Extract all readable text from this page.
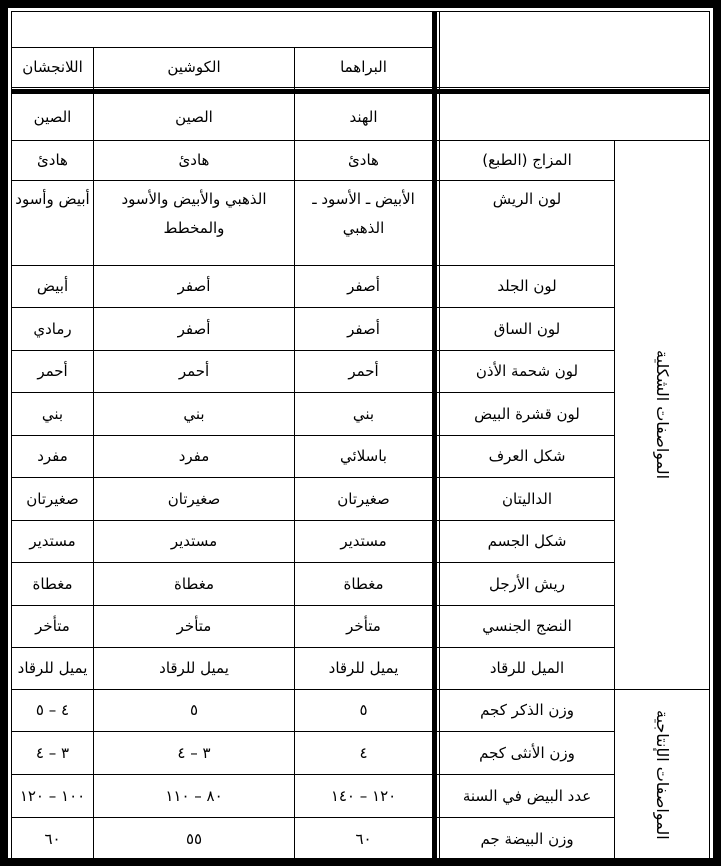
البراهما
الكوشين
اللانجشان
الهند
الصين
الصين
المواصفات الشكلية
المواصفات الإنتاجية
المزاج (الطبع)
هادئ
هادئ
هادئ
لون الريش
الأبيض ـ الأسود ـ الذهبي
الذهبي والأبيض والأسود والمخطط
أبيض وأسود
لون الجلد
أصفر
أصفر
أبيض
لون الساق
أصفر
أصفر
رمادي
لون شحمة الأذن
أحمر
أحمر
أحمر
لون قشرة البيض
بني
بني
بني
شكل العرف
باسلائي
مفرد
مفرد
الداليتان
صغيرتان
صغيرتان
صغيرتان
شكل الجسم
مستدير
مستدير
مستدير
ريش الأرجل
مغطاة
مغطاة
مغطاة
النضج الجنسي
متأخر
متأخر
متأخر
الميل للرقاد
يميل للرقاد
يميل للرقاد
يميل للرقاد
وزن الذكر كجم
٥
٥
٤ – ٥
وزن الأنثى كجم
٤
٣ – ٤
٣ – ٤
عدد البيض في السنة
١٢٠ – ١٤٠
٨٠ – ١١٠
١٠٠ – ١٢٠
وزن البيضة جم
٦٠
٥٥
٦٠
